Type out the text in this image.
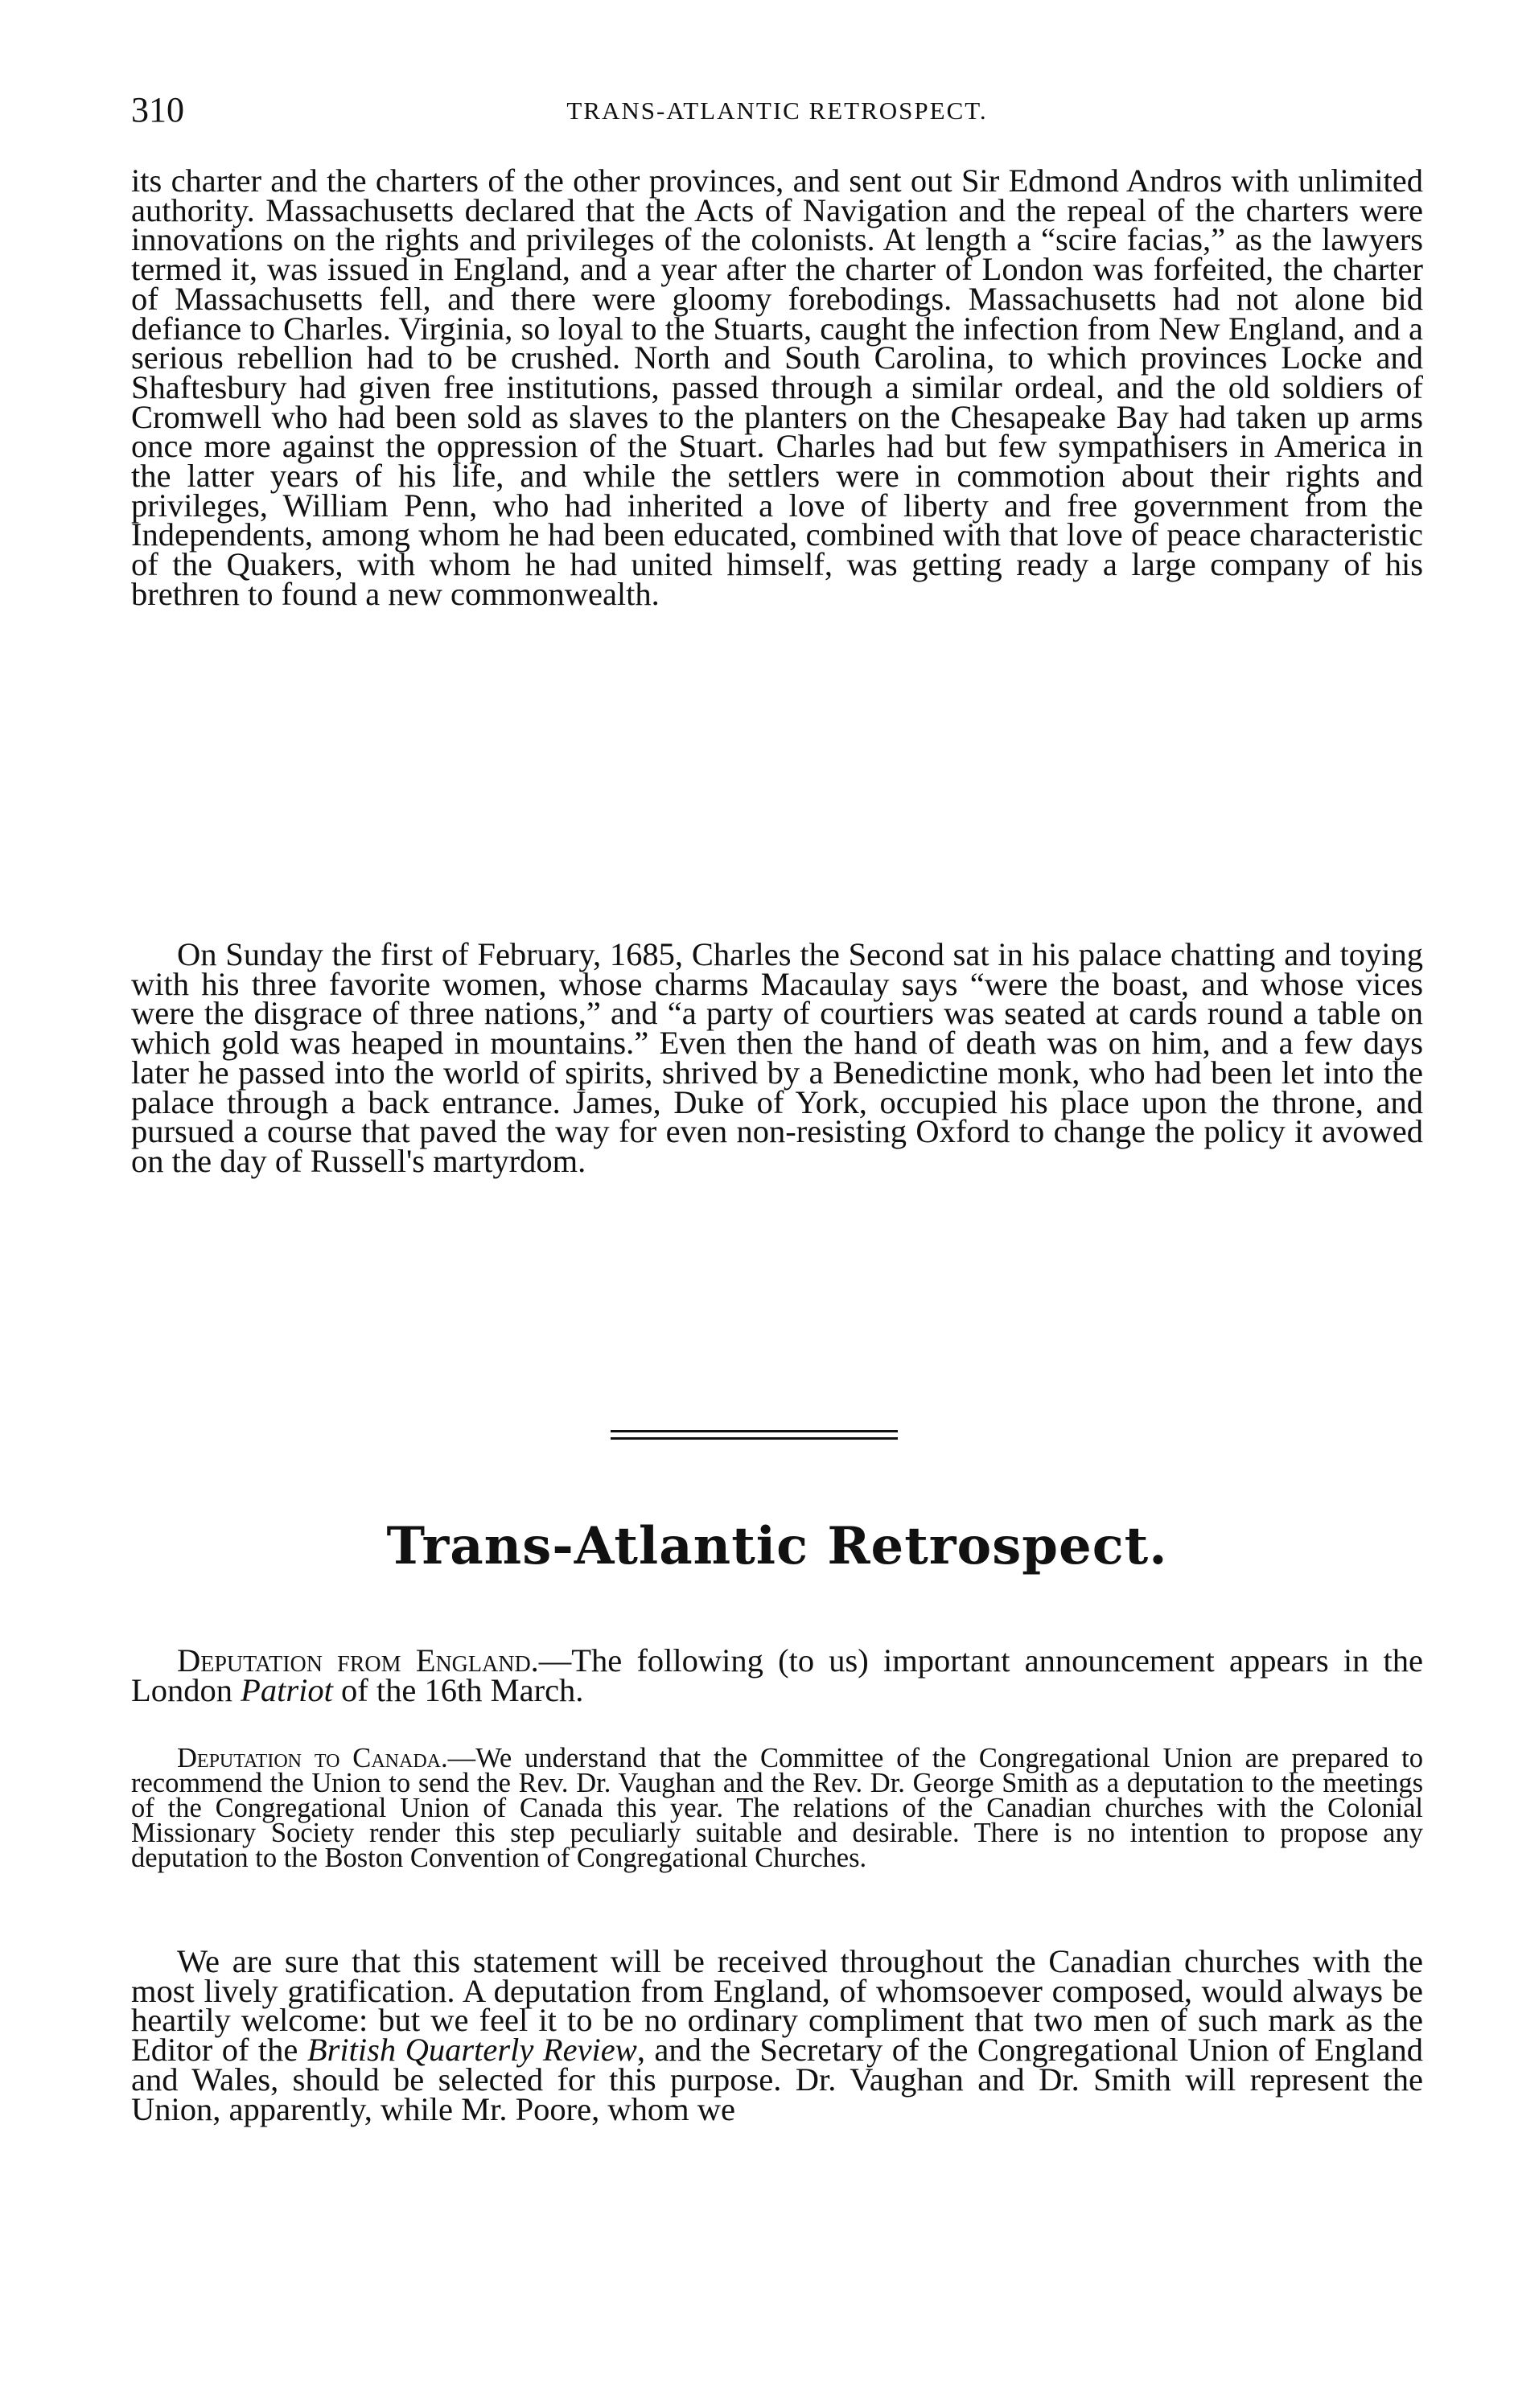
310	TRANS-ATLANTIC RETROSPECT.

its charter and the charters of the other provinces, and sent out Sir Edmond Andros with unlimited authority. Massachusetts declared that the Acts of Navigation and the repeal of the charters were innovations on the rights and privileges of the colonists. At length a “scire facias,” as the lawyers termed it, was issued in England, and a year after the charter of London was forfeited, the charter of Massachusetts fell, and there were gloomy forebodings. Massachusetts had not alone bid defiance to Charles. Virginia, so loyal to the Stuarts, caught the infection from New England, and a serious rebellion had to be crushed. North and South Carolina, to which provinces Locke and Shaftesbury had given free institutions, passed through a similar ordeal, and the old soldiers of Cromwell who had been sold as slaves to the planters on the Chesapeake Bay had taken up arms once more against the oppression of the Stuart. Charles had but few sympathisers in America in the latter years of his life, and while the settlers were in commotion about their rights and privileges, William Penn, who had inherited a love of liberty and free government from the Independents, among whom he had been educated, combined with that love of peace characteristic of the Quakers, with whom he had united himself, was getting ready a large company of his brethren to found a new commonwealth.

On Sunday the first of February, 1685, Charles the Second sat in his palace chatting and toying with his three favorite women, whose charms Macaulay says “were the boast, and whose vices were the disgrace of three nations,” and “a party of courtiers was seated at cards round a table on which gold was heaped in mountains.” Even then the hand of death was on him, and a few days later he passed into the world of spirits, shrived by a Benedictine monk, who had been let into the palace through a back entrance. James, Duke of York, occupied his place upon the throne, and pursued a course that paved the way for even non-resisting Oxford to change the policy it avowed on the day of Russell's martyrdom.

Trans-Atlantic Retrospect.

Deputation from England.—The following (to us) important announcement appears in the London Patriot of the 16th March.

Deputation to Canada.—We understand that the Committee of the Congregational Union are prepared to recommend the Union to send the Rev. Dr. Vaughan and the Rev. Dr. George Smith as a deputation to the meetings of the Congregational Union of Canada this year. The relations of the Canadian churches with the Colonial Missionary Society render this step peculiarly suitable and desirable. There is no intention to propose any deputation to the Boston Convention of Congregational Churches.

We are sure that this statement will be received throughout the Canadian churches with the most lively gratification. A deputation from England, of whomsoever composed, would always be heartily welcome: but we feel it to be no ordinary compliment that two men of such mark as the Editor of the British Quarterly Review, and the Secretary of the Congregational Union of England and Wales, should be selected for this purpose. Dr. Vaughan and Dr. Smith will represent the Union, apparently, while Mr. Poore, whom we
